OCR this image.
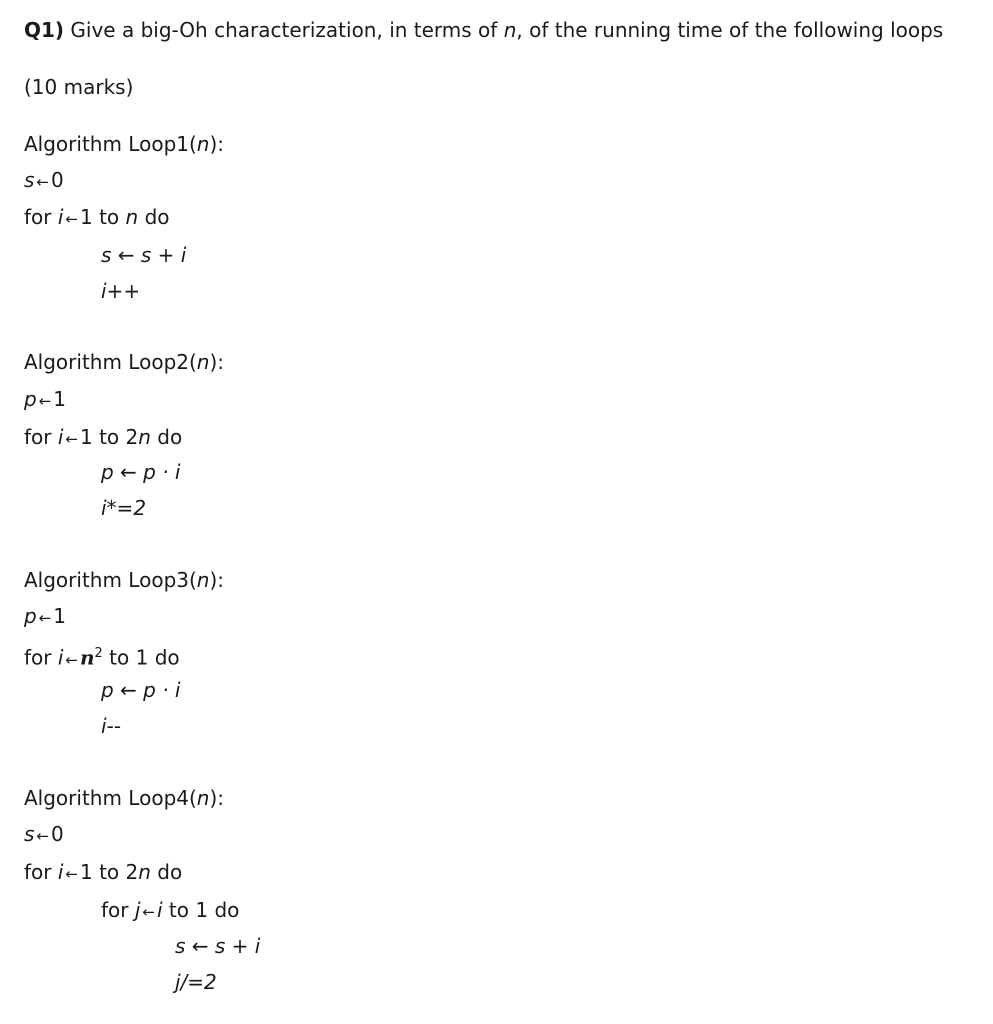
Q1) Give a big-Oh characterization, in terms of n, of the running time of the following loops
(10 marks)
Algorithm Loop1(n):
s ← 0
for i ← 1 to n do
s ← s + i
i++
Algorithm Loop2(n):
p ← 1
for i ← 1 to 2n do
p ← p · i
i*=2
Algorithm Loop3(n):
p ← 1
for i ← $n^2$ to 1 do
p ← p · i
i--
Algorithm Loop4(n):
s ← 0
for i ← 1 to 2n do
for j ← i to 1 do
s ← s + i
j/=2
